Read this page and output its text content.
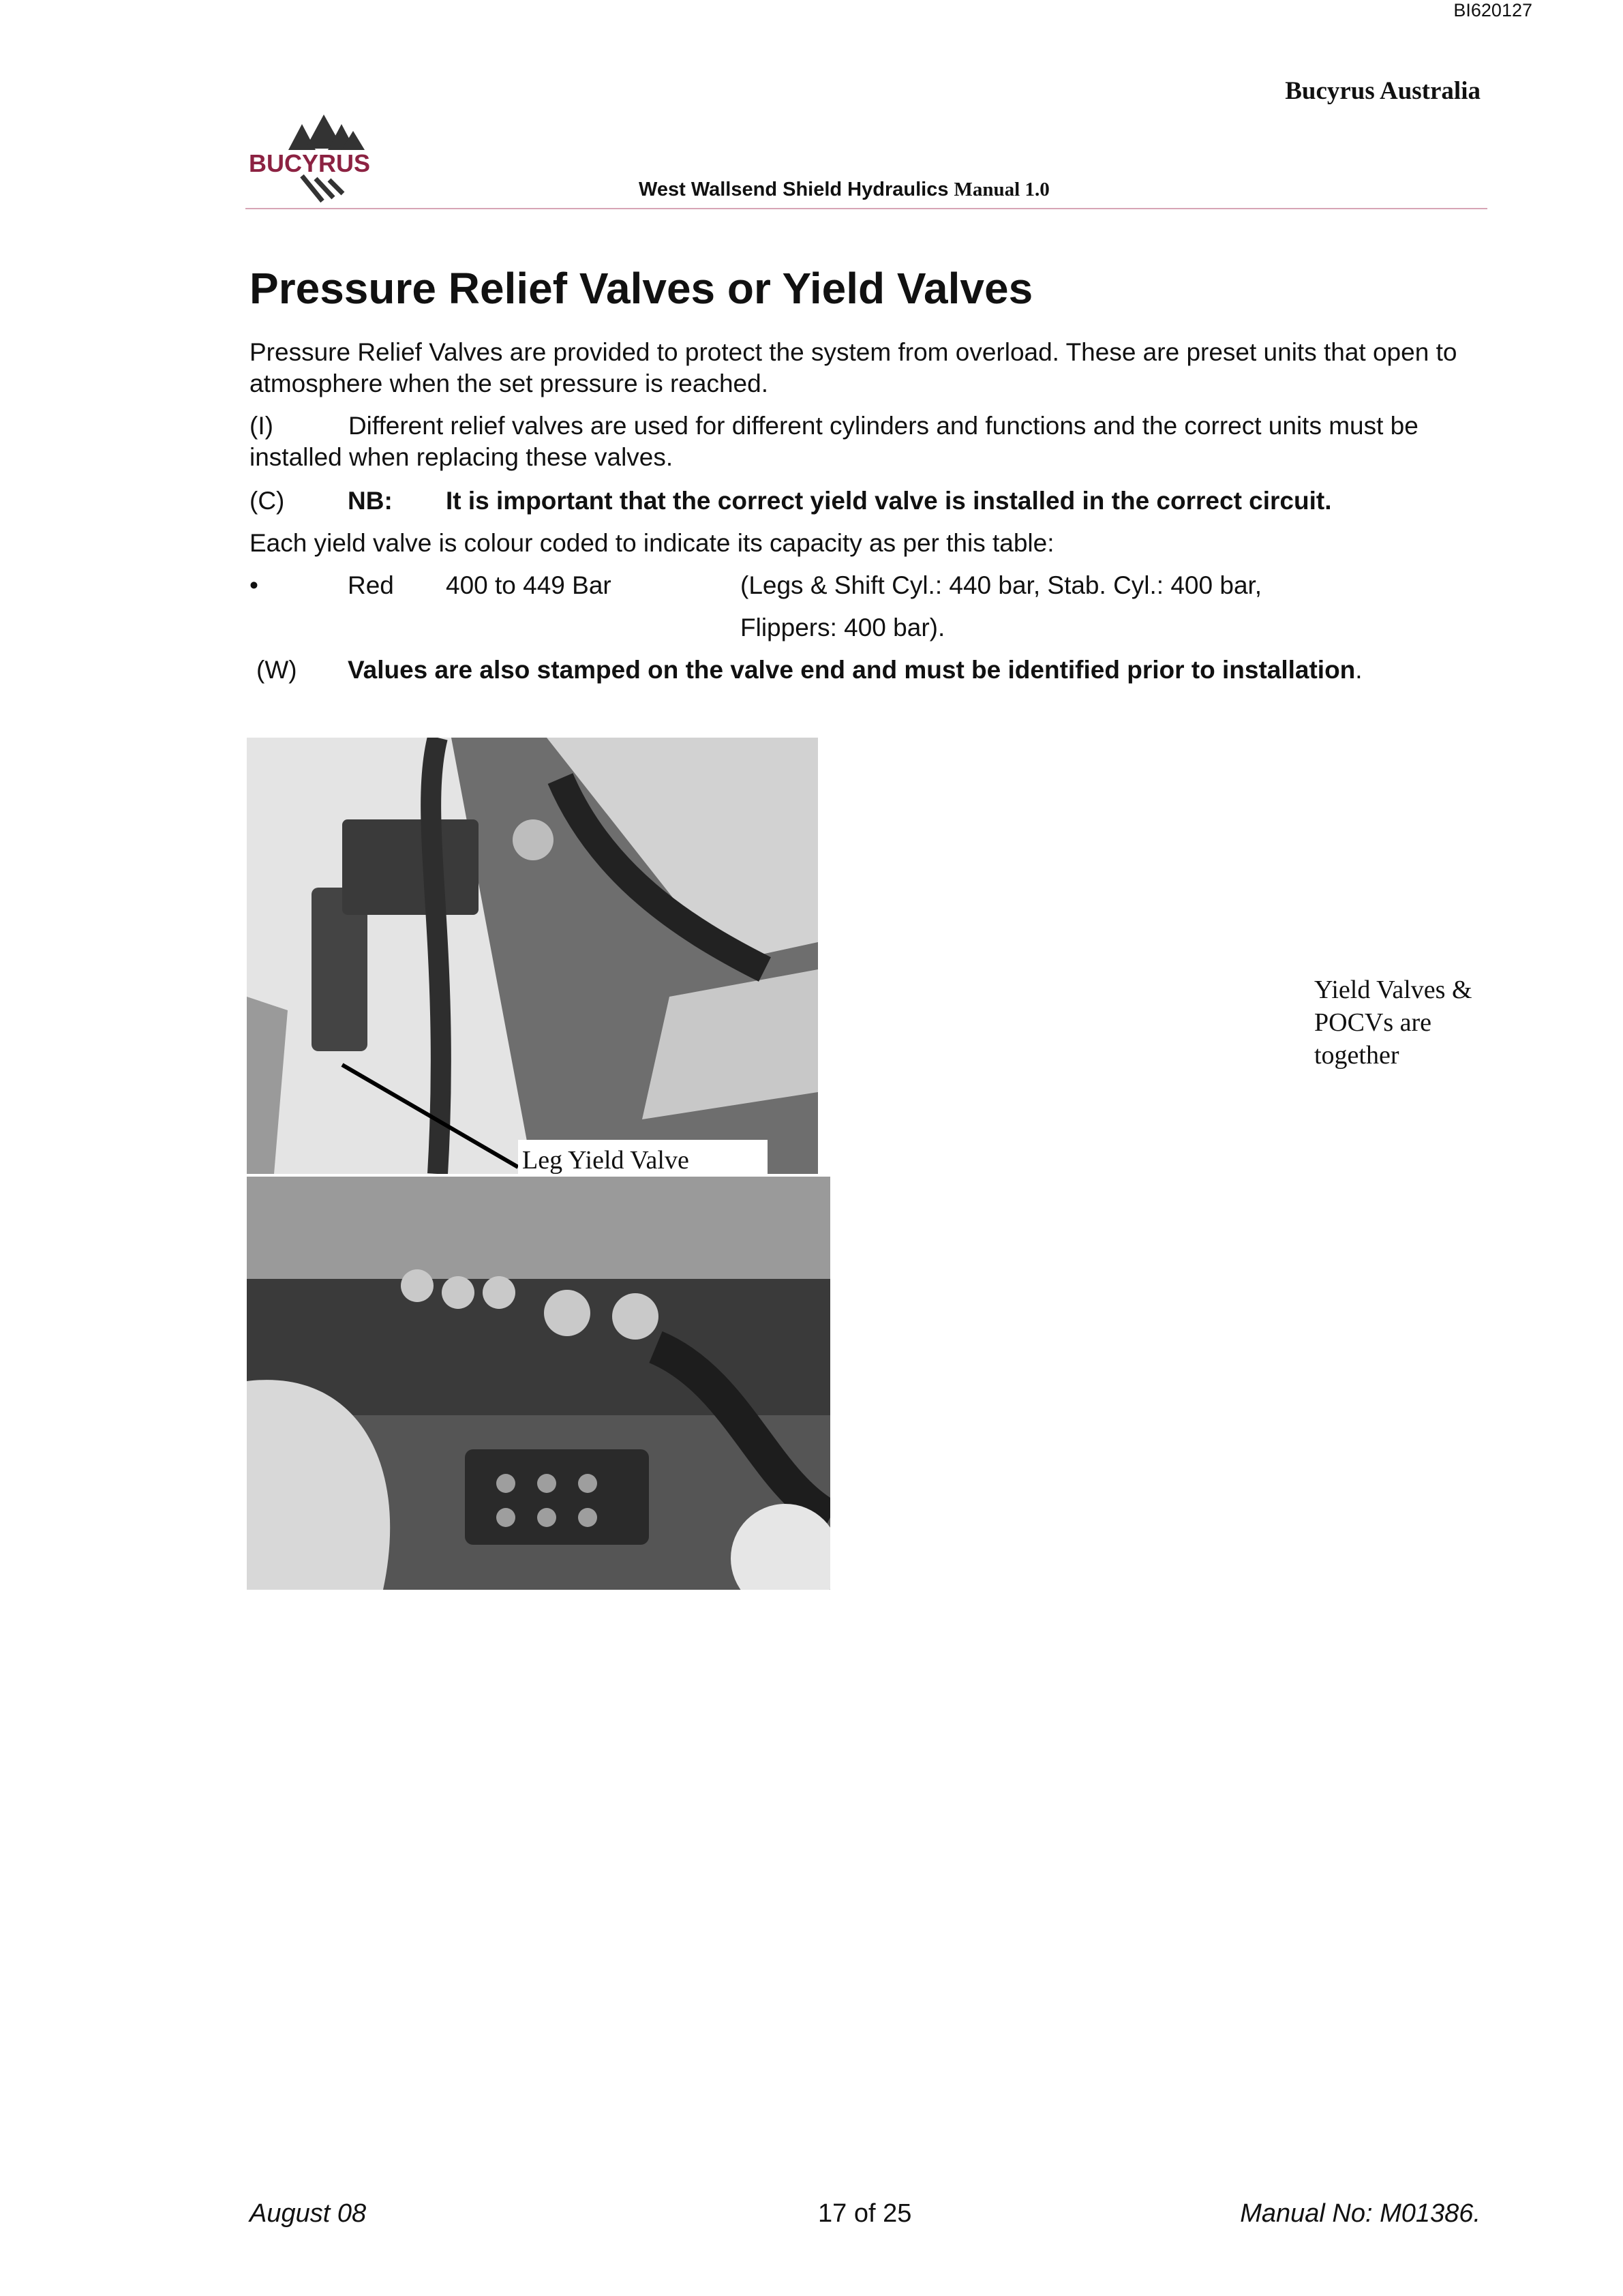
BI620127
Bucyrus Australia
BUCYRUS
West Wallsend Shield Hydraulics Manual 1.0
Pressure Relief Valves or Yield Valves
Pressure Relief Valves are provided to protect the system from overload. These are preset units that open to atmosphere when the set pressure is reached.
(I)	Different relief valves are used for different cylinders and functions and the correct units must be installed when replacing these valves.
(C)	NB: It is important that the correct yield valve is installed in the correct circuit.
Each yield valve is colour coded to indicate its capacity as per this table:
•	Red 400 to 449 Bar	(Legs & Shift Cyl.: 440 bar, Stab. Cyl.: 400 bar,
Flippers: 400 bar).
(W) Values are also stamped on the valve end and must be identified prior to installation.
Leg Yield Valve
Yield Valves &
POCVs are
together
August 08	17 of 25	Manual No: M01386.
